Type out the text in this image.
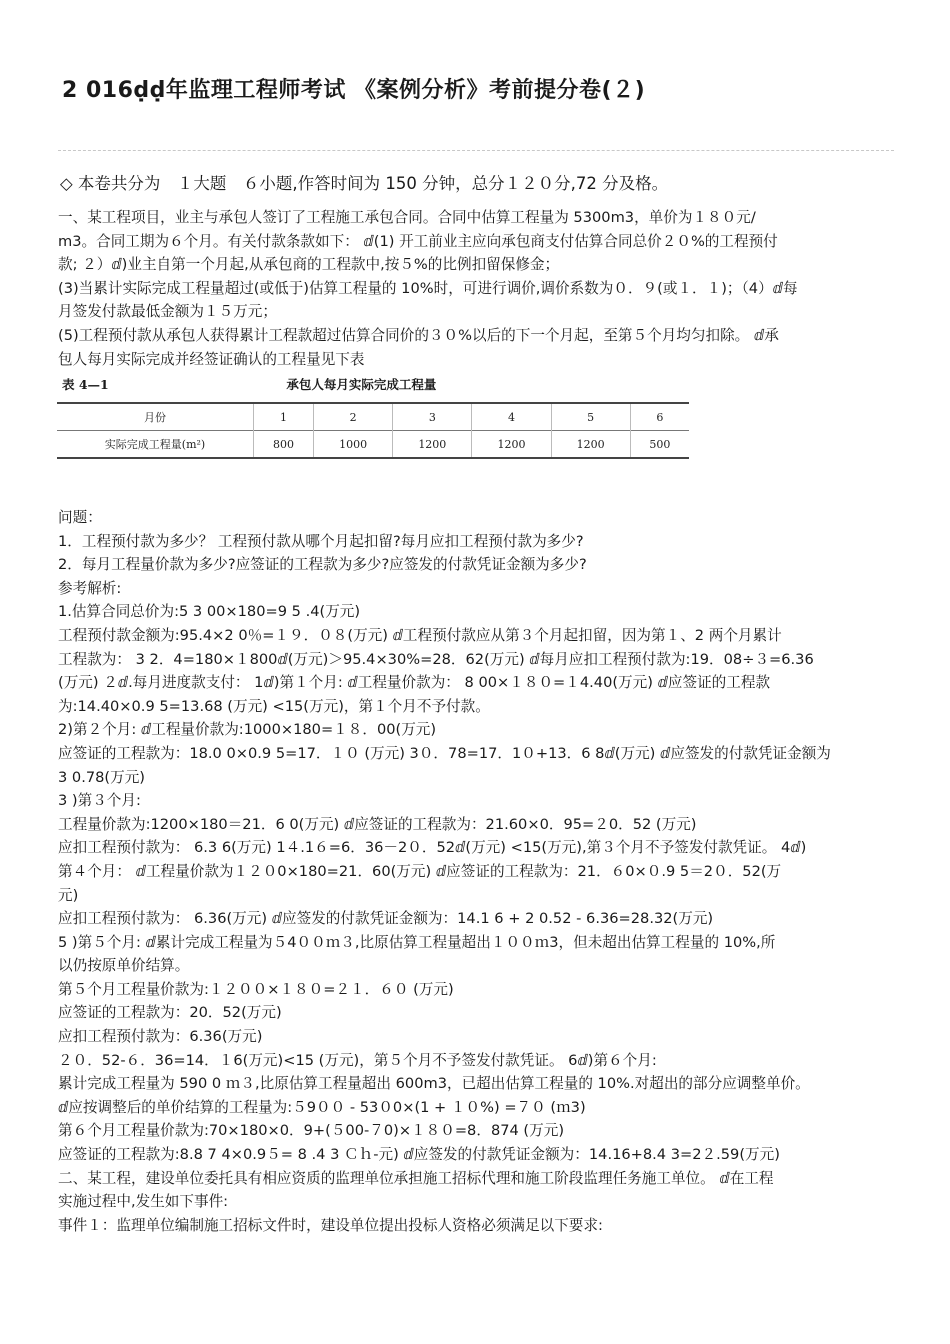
2 016ḍḍ年监理工程师考试 《案例分析》考前提分卷(２)
◇ 本卷共分为　１大题　６小题,作答时间为 150 分钟，总分１２０分,72 分及格。

一、某工程项目，业主与承包人签订了工程施工承包合同。合同中估算工程量为 5300m3，单价为１８０元/

m3。合同工期为６个月。有关付款条款如下： ⅆ(1) 开工前业主应向承包商支付估算合同总价２０%的工程预付

款; ２）ⅆ)业主自第一个月起,从承包商的工程款中,按５%的比例扣留保修金；

(3)当累计实际完成工程量超过(或低于)估算工程量的 10%时，可进行调价,调价系数为０．９(或１．１)；（4）ⅆ每

月签发付款最低金额为１５万元；

(5)工程预付款从承包人获得累计工程款超过估算合同价的３０%以后的下一个月起，至第５个月均匀扣除。 ⅆ承

包人每月实际完成并经签证确认的工程量见下表

表 4—1	承包人每月实际完成工程量
月份	1	2	3	4	5	6
实际完成工程量(m²)	800	1000	1200	1200	1200	500

问题：

1．工程预付款为多少？ 工程预付款从哪个月起扣留?每月应扣工程预付款为多少?

2．每月工程量价款为多少?应签证的工程款为多少?应签发的付款凭证金额为多少?

参考解析:

1.估算合同总价为:5 3 00×180=9 5 .4(万元)

工程预付款金额为:95.4×2 0％=１９．０８(万元) ⅆ工程预付款应从第３个月起扣留，因为第１、2 两个月累计

工程款为： 3 2．4=180×１800ⅆ(万元)＞95.4×30%=28．62(万元) ⅆ每月应扣工程预付款为:19．08÷３=6.36

(万元) ２ⅆ.每月进度款支付： 1ⅆ)第１个月: ⅆ工程量价款为： 8 00×１８０=１4.40(万元) ⅆ应签证的工程款

为:14.40×0.9 5=13.68 (万元) <15(万元)，第１个月不予付款。

2)第２个月: ⅆ工程量价款为:1000×180=１８．00(万元)

应签证的工程款为：18.0 0×0.9 5=17．１０ (万元) 3０．78=17．1０+13．6 8ⅆ(万元) ⅆ应签发的付款凭证金额为

3 0.78(万元)

3 )第３个月:

工程量价款为:1200×180＝21．6 0(万元) ⅆ应签证的工程款为：21.60×0．95=２0．52 (万元)

应扣工程预付款为： 6.3 6(万元) 1４.1６=6．36－2０．52ⅆ(万元) <15(万元),第３个月不予签发付款凭证。 4ⅆ)

第４个月： ⅆ工程量价款为１２０0×180=21．60(万元) ⅆ应签证的工程款为：21．６0×０.9 5＝2０．52(万

元)

应扣工程预付款为： 6.36(万元) ⅆ应签发的付款凭证金额为：14.1 6 + 2 0.52 - 6.36=28.32(万元)

5 )第５个月: ⅆ累计完成工程量为５4００ｍ３,比原估算工程量超出１００ｍ3，但未超出估算工程量的 10%,所

以仍按原单价结算。

第５个月工程量价款为:１２００×１８０=２１．６０ (万元)

应签证的工程款为：20．52(万元)

应扣工程预付款为：6.36(万元)

２０．52-６．36=14．１6(万元)<15 (万元)，第５个月不予签发付款凭证。 6ⅆ)第６个月:

累计完成工程量为 590 0 ｍ３,比原估算工程量超出 600m3，已超出估算工程量的 10%.对超出的部分应调整单价。

ⅆ应按调整后的单价结算的工程量为:５9００ - 53０0×(1 + １０%) =７０ (ｍ3)

第６个月工程量价款为:70×180×0．9+(５00-７0)×１８０=8．874 (万元)

应签证的工程款为:8.8 7 4×0.9５= 8 .4 3 Ｃｈ-元) ⅆ应签发的付款凭证金额为：14.16+8.4 3=2２.59(万元)

二、某工程，建设单位委托具有相应资质的监理单位承担施工招标代理和施工阶段监理任务施工单位。 ⅆ在工程

实施过程中,发生如下事件:

事件１：监理单位编制施工招标文件时，建设单位提出投标人资格必须满足以下要求:
